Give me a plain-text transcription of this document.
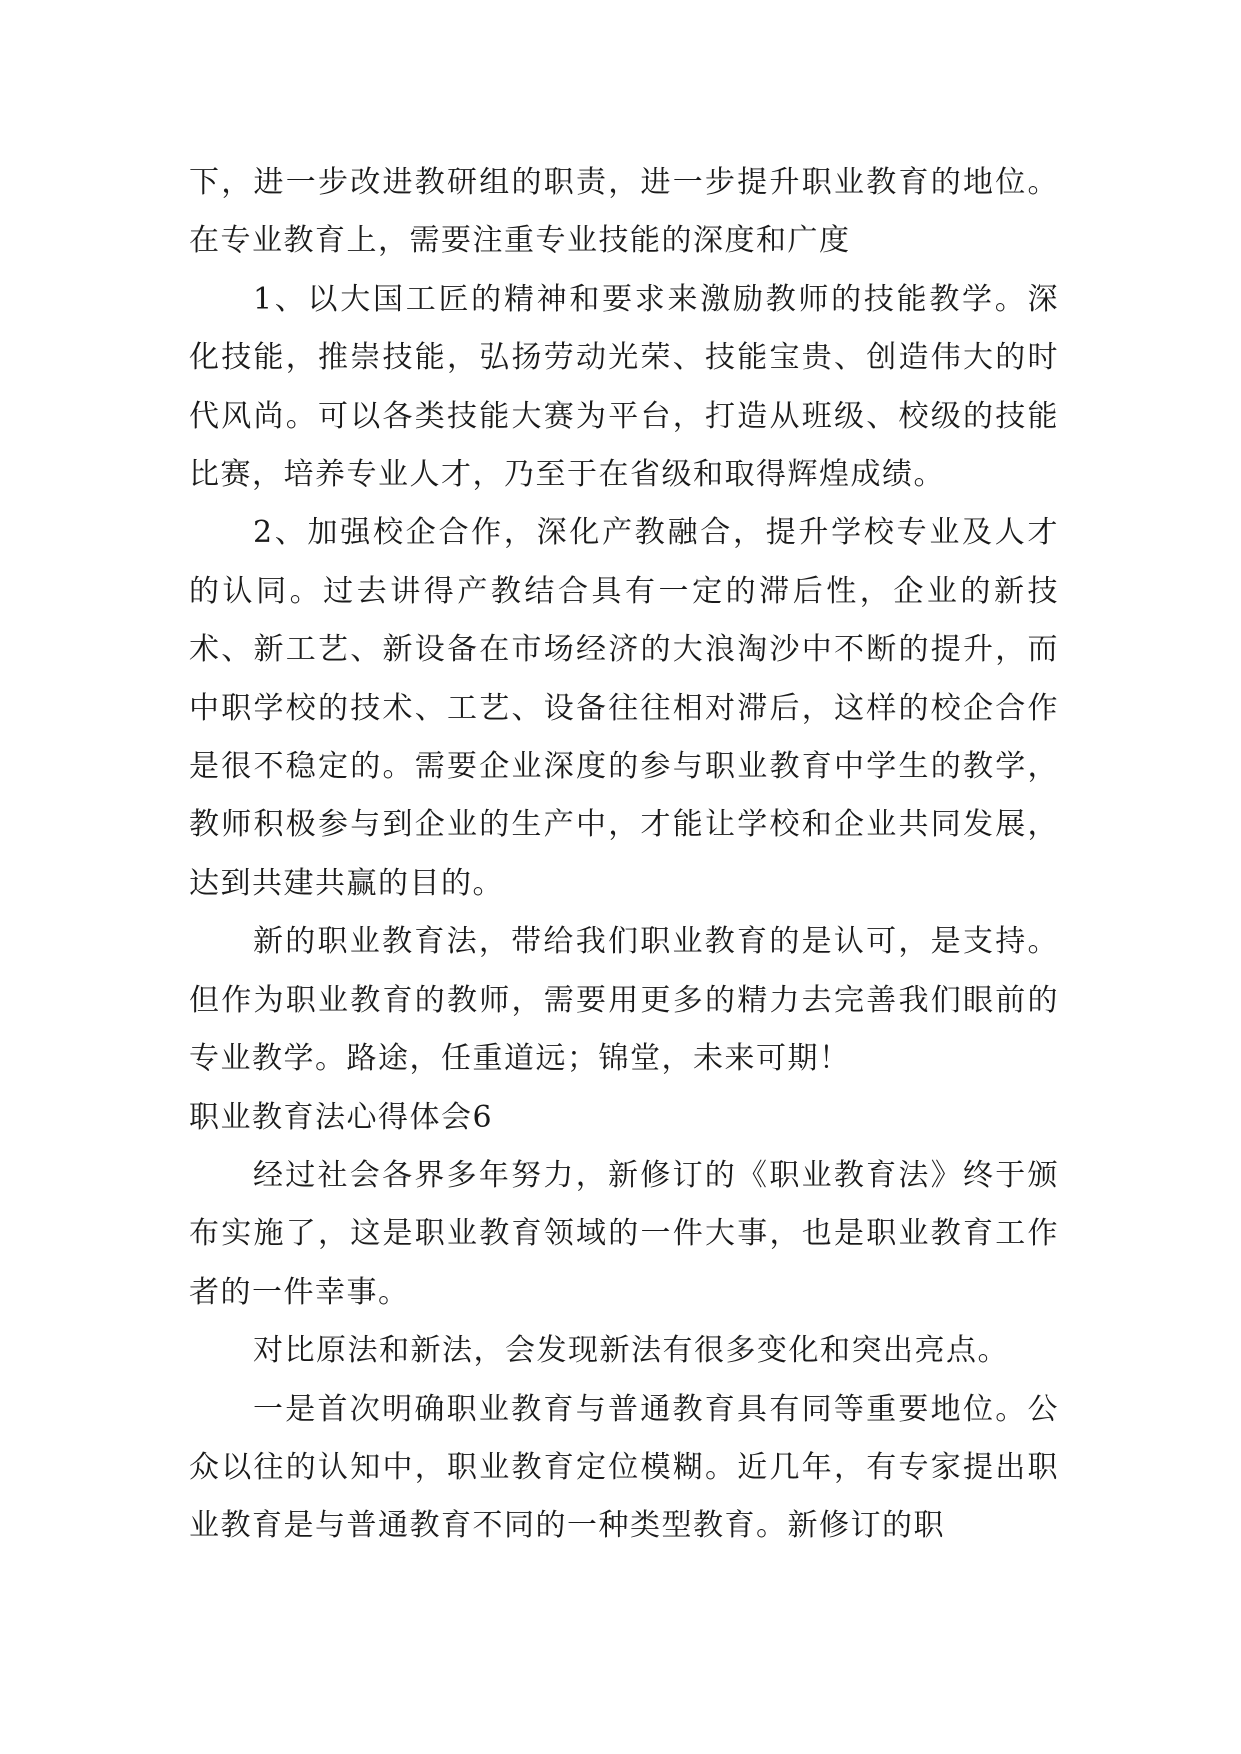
下，进一步改进教研组的职责，进一步提升职业教育的地位。在专业教育上，需要注重专业技能的深度和广度

1、以大国工匠的精神和要求来激励教师的技能教学。深化技能，推崇技能，弘扬劳动光荣、技能宝贵、创造伟大的时代风尚。可以各类技能大赛为平台，打造从班级、校级的技能比赛，培养专业人才，乃至于在省级和取得辉煌成绩。

2、加强校企合作，深化产教融合，提升学校专业及人才的认同。过去讲得产教结合具有一定的滞后性，企业的新技术、新工艺、新设备在市场经济的大浪淘沙中不断的提升，而中职学校的技术、工艺、设备往往相对滞后，这样的校企合作是很不稳定的。需要企业深度的参与职业教育中学生的教学，教师积极参与到企业的生产中，才能让学校和企业共同发展，达到共建共赢的目的。

新的职业教育法，带给我们职业教育的是认可，是支持。但作为职业教育的教师，需要用更多的精力去完善我们眼前的专业教学。路途，任重道远；锦堂，未来可期！

职业教育法心得体会6

经过社会各界多年努力，新修订的《职业教育法》终于颁布实施了，这是职业教育领域的一件大事，也是职业教育工作者的一件幸事。

对比原法和新法，会发现新法有很多变化和突出亮点。

一是首次明确职业教育与普通教育具有同等重要地位。公众以往的认知中，职业教育定位模糊。近几年，有专家提出职业教育是与普通教育不同的一种类型教育。新修订的职
